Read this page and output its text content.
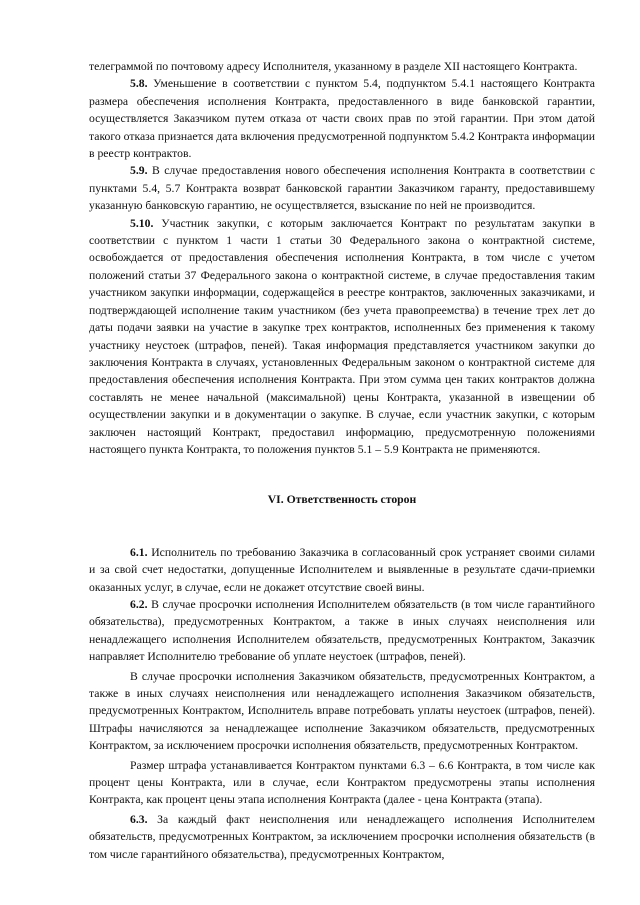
телеграммой по почтовому адресу Исполнителя, указанному в разделе XII настоящего Контракта.

5.8. Уменьшение в соответствии с пунктом 5.4, подпунктом 5.4.1 настоящего Контракта размера обеспечения исполнения Контракта, предоставленного в виде банковской гарантии, осуществляется Заказчиком путем отказа от части своих прав по этой гарантии. При этом датой такого отказа признается дата включения предусмотренной подпунктом 5.4.2 Контракта информации в реестр контрактов.

5.9. В случае предоставления нового обеспечения исполнения Контракта в соответствии с пунктами 5.4, 5.7 Контракта возврат банковской гарантии Заказчиком гаранту, предоставившему указанную банковскую гарантию, не осуществляется, взыскание по ней не производится.

5.10. Участник закупки, с которым заключается Контракт по результатам закупки в соответствии с пунктом 1 части 1 статьи 30 Федерального закона о контрактной системе, освобождается от предоставления обеспечения исполнения Контракта, в том числе с учетом положений статьи 37 Федерального закона о контрактной системе, в случае предоставления таким участником закупки информации, содержащейся в реестре контрактов, заключенных заказчиками, и подтверждающей исполнение таким участником (без учета правопреемства) в течение трех лет до даты подачи заявки на участие в закупке трех контрактов, исполненных без применения к такому участнику неустоек (штрафов, пеней). Такая информация представляется участником закупки до заключения Контракта в случаях, установленных Федеральным законом о контрактной системе для предоставления обеспечения исполнения Контракта. При этом сумма цен таких контрактов должна составлять не менее начальной (максимальной) цены Контракта, указанной в извещении об осуществлении закупки и в документации о закупке. В случае, если участник закупки, с которым заключен настоящий Контракт, предоставил информацию, предусмотренную положениями настоящего пункта Контракта, то положения пунктов 5.1 – 5.9 Контракта не применяются.

VI. Ответственность сторон

6.1. Исполнитель по требованию Заказчика в согласованный срок устраняет своими силами и за свой счет недостатки, допущенные Исполнителем и выявленные в результате сдачи-приемки оказанных услуг, в случае, если не докажет отсутствие своей вины.

6.2. В случае просрочки исполнения Исполнителем обязательств (в том числе гарантийного обязательства), предусмотренных Контрактом, а также в иных случаях неисполнения или ненадлежащего исполнения Исполнителем обязательств, предусмотренных Контрактом, Заказчик направляет Исполнителю требование об уплате неустоек (штрафов, пеней).

В случае просрочки исполнения Заказчиком обязательств, предусмотренных Контрактом, а также в иных случаях неисполнения или ненадлежащего исполнения Заказчиком обязательств, предусмотренных Контрактом, Исполнитель вправе потребовать уплаты неустоек (штрафов, пеней). Штрафы начисляются за ненадлежащее исполнение Заказчиком обязательств, предусмотренных Контрактом, за исключением просрочки исполнения обязательств, предусмотренных Контрактом.

Размер штрафа устанавливается Контрактом пунктами 6.3 – 6.6 Контракта, в том числе как процент цены Контракта, или в случае, если Контрактом предусмотрены этапы исполнения Контракта, как процент цены этапа исполнения Контракта (далее - цена Контракта (этапа).

6.3. За каждый факт неисполнения или ненадлежащего исполнения Исполнителем обязательств, предусмотренных Контрактом, за исключением просрочки исполнения обязательств (в том числе гарантийного обязательства), предусмотренных Контрактом,
